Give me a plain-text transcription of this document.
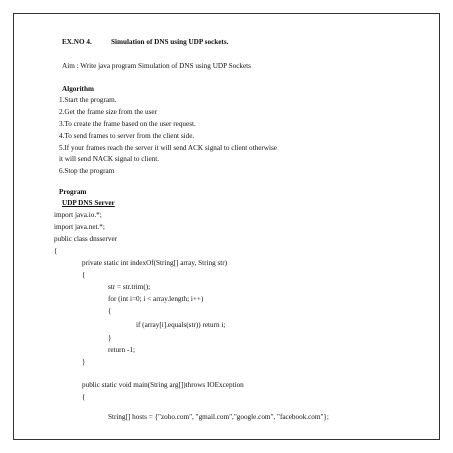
EX.NO 4.	Simulation of DNS using UDP sockets.
Aim : Write java program Simulation of DNS using UDP Sockets
Algorithm
1.Start the program.
2.Get the frame size from the user
3.To create the frame based on the user request.
4.To send frames to server from the client side.
5.If your frames reach the server it will send ACK signal to client otherwise
it will send NACK signal to client.
6.Stop the program
Program
UDP DNS Server
import java.io.*;
import java.net.*;
public class dnsserver
{
private static int indexOf(String[] array, String str)
{
str = str.trim();
for (int i=0; i < array.length; i++)
{
if (array[i].equals(str)) return i;
}
return -1;
}
public static void main(String arg[])throws IOException
{
String[] hosts = {"zoho.com", "gmail.com","google.com", "facebook.com"};
